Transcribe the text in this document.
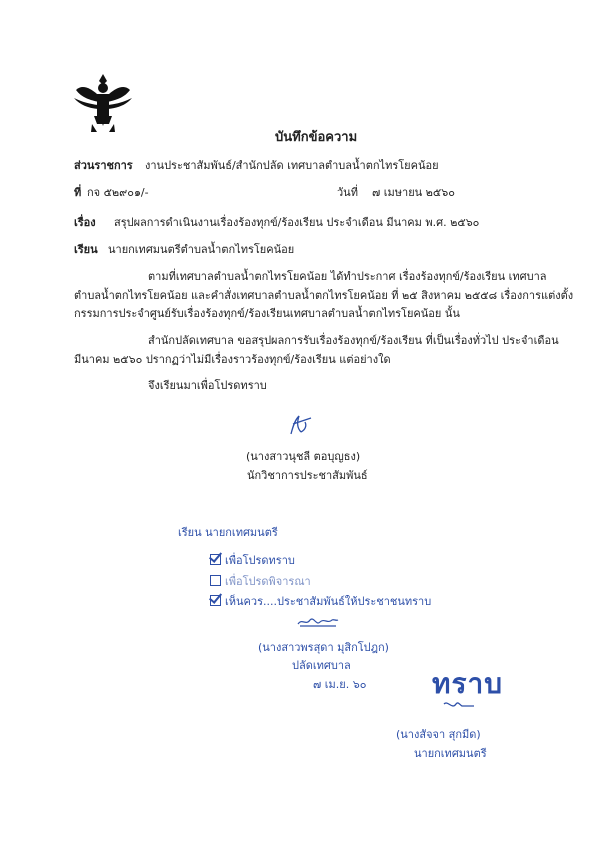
บันทึกข้อความ
ส่วนราชการ งานประชาสัมพันธ์/สำนักปลัด เทศบาลตำบลน้ำตกไทรโยคน้อย
ที่ กจ ๕๒๙๐๑/-	วันที่ ๗ เมษายน ๒๕๖๐
เรื่อง สรุปผลการดำเนินงานเรื่องร้องทุกข์/ร้องเรียน ประจำเดือน มีนาคม พ.ศ. ๒๕๖๐
เรียน นายกเทศมนตรีตำบลน้ำตกไทรโยคน้อย
ตามที่เทศบาลตำบลน้ำตกไทรโยคน้อย ได้ทำประกาศ เรื่องร้องทุกข์/ร้องเรียน เทศบาล
ตำบลน้ำตกไทรโยคน้อย และคำสั่งเทศบาลตำบลน้ำตกไทรโยคน้อย ที่ ๒๕ สิงหาคม ๒๕๕๘ เรื่องการแต่งตั้ง
กรรมการประจำศูนย์รับเรื่องร้องทุกข์/ร้องเรียนเทศบาลตำบลน้ำตกไทรโยคน้อย นั้น
สำนักปลัดเทศบาล ขอสรุปผลการรับเรื่องร้องทุกข์/ร้องเรียน ที่เป็นเรื่องทั่วไป ประจำเดือน
มีนาคม ๒๕๖๐ ปรากฏว่าไม่มีเรื่องราวร้องทุกข์/ร้องเรียน แต่อย่างใด
จึงเรียนมาเพื่อโปรดทราบ
(นางสาวนุชลี ตอบุญธง)
นักวิชาการประชาสัมพันธ์
เรียน นายกเทศมนตรี
เพื่อโปรดทราบ
เพื่อโปรดพิจารณา
เห็นควร....ประชาสัมพันธ์ให้ประชาชนทราบ
(นางสาวพรสุดา มุสิกโปฎก)
ปลัดเทศบาล
๗ เม.ย. ๖๐ ทราบ
(นางสัจจา สุกมีด)
นายกเทศมนตรี
